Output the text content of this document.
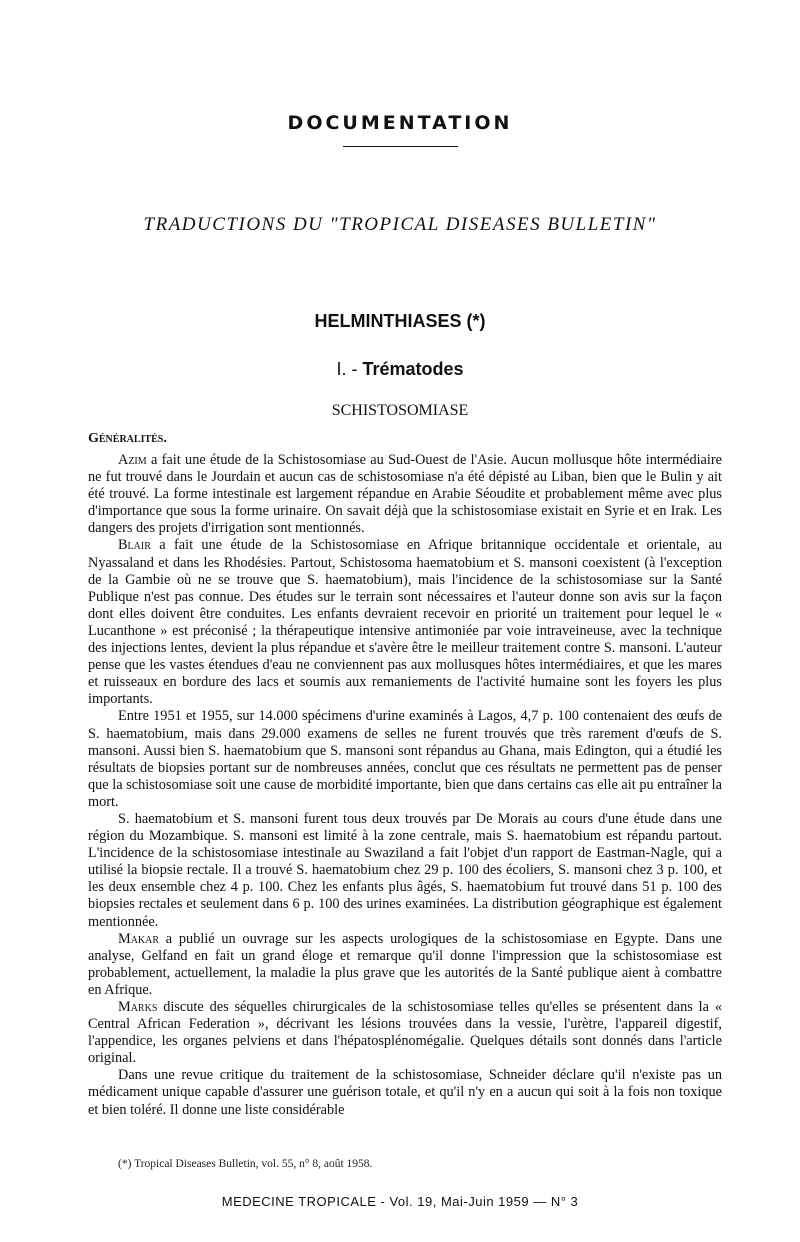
DOCUMENTATION
TRADUCTIONS DU "TROPICAL DISEASES BULLETIN"
HELMINTHIASES (*)
I. - Trématodes
SCHISTOSOMIASE
Généralités.

Azim a fait une étude de la Schistosomiase au Sud-Ouest de l'Asie. Aucun mollusque hôte intermédiaire ne fut trouvé dans le Jourdain et aucun cas de schistosomiase n'a été dépisté au Liban, bien que le Bulin y ait été trouvé. La forme intestinale est largement répandue en Arabie Séoudite et probablement même avec plus d'importance que sous la forme urinaire. On savait déjà que la schistosomiase existait en Syrie et en Irak. Les dangers des projets d'irrigation sont mentionnés.

Blair a fait une étude de la Schistosomiase en Afrique britannique occidentale et orientale, au Nyassaland et dans les Rhodésies. Partout, Schistosoma haematobium et S. mansoni coexistent (à l'exception de la Gambie où ne se trouve que S. haematobium), mais l'incidence de la schistosomiase sur la Santé Publique n'est pas connue. Des études sur le terrain sont nécessaires et l'auteur donne son avis sur la façon dont elles doivent être conduites. Les enfants devraient recevoir en priorité un traitement pour lequel le « Lucanthone » est préconisé ; la thérapeutique intensive antimoniée par voie intraveineuse, avec la technique des injections lentes, devient la plus répandue et s'avère être le meilleur traitement contre S. mansoni. L'auteur pense que les vastes étendues d'eau ne conviennent pas aux mollusques hôtes intermédiaires, et que les mares et ruisseaux en bordure des lacs et soumis aux remaniements de l'activité humaine sont les foyers les plus importants.

Entre 1951 et 1955, sur 14.000 spécimens d'urine examinés à Lagos, 4,7 p. 100 contenaient des œufs de S. haematobium, mais dans 29.000 examens de selles ne furent trouvés que très rarement d'œufs de S. mansoni. Aussi bien S. haematobium que S. mansoni sont répandus au Ghana, mais Edington, qui a étudié les résultats de biopsies portant sur de nombreuses années, conclut que ces résultats ne permettent pas de penser que la schistosomiase soit une cause de morbidité importante, bien que dans certains cas elle ait pu entraîner la mort.

S. haematobium et S. mansoni furent tous deux trouvés par De Morais au cours d'une étude dans une région du Mozambique. S. mansoni est limité à la zone centrale, mais S. haematobium est répandu partout. L'incidence de la schistosomiase intestinale au Swaziland a fait l'objet d'un rapport de Eastman-Nagle, qui a utilisé la biopsie rectale. Il a trouvé S. haematobium chez 29 p. 100 des écoliers, S. mansoni chez 3 p. 100, et les deux ensemble chez 4 p. 100. Chez les enfants plus âgés, S. haematobium fut trouvé dans 51 p. 100 des biopsies rectales et seulement dans 6 p. 100 des urines examinées. La distribution géographique est également mentionnée.

Makar a publié un ouvrage sur les aspects urologiques de la schistosomiase en Egypte. Dans une analyse, Gelfand en fait un grand éloge et remarque qu'il donne l'impression que la schistosomiase est probablement, actuellement, la maladie la plus grave que les autorités de la Santé publique aient à combattre en Afrique.

Marks discute des séquelles chirurgicales de la schistosomiase telles qu'elles se présentent dans la « Central African Federation », décrivant les lésions trouvées dans la vessie, l'urètre, l'appareil digestif, l'appendice, les organes pelviens et dans l'hépatosplénomégalie. Quelques détails sont donnés dans l'article original.

Dans une revue critique du traitement de la schistosomiase, Schneider déclare qu'il n'existe pas un médicament unique capable d'assurer une guérison totale, et qu'il n'y en a aucun qui soit à la fois non toxique et bien toléré. Il donne une liste considérable

(*) Tropical Diseases Bulletin, vol. 55, n° 8, août 1958.
MEDECINE TROPICALE - Vol. 19, Mai-Juin 1959 — N° 3
